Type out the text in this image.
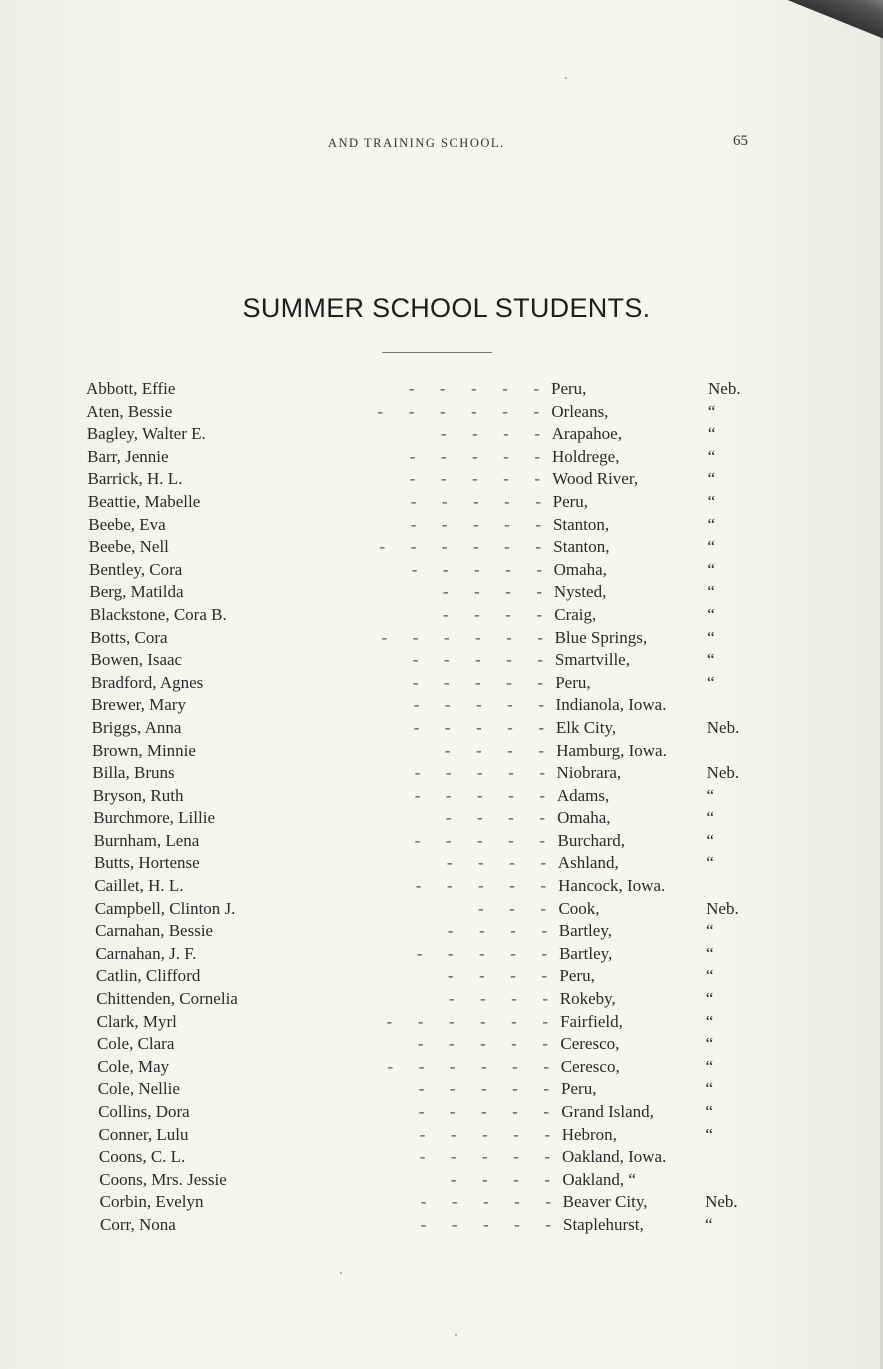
AND TRAINING SCHOOL.	65
SUMMER SCHOOL STUDENTS.
Abbott, Effie	-      -      -      -      - Peru,	Neb.
Aten, Bessie	-      -      -      -      -      - Orleans,	“
Bagley, Walter E.	-      -      -      - Arapahoe,	“
Barr, Jennie	-      -      -      -      - Holdrege,	“
Barrick, H. L.	-      -      -      -      - Wood River,	“
Beattie, Mabelle	-      -      -      -      - Peru,	“
Beebe, Eva	-      -      -      -      - Stanton,	“
Beebe, Nell	-      -      -      -      -      - Stanton,	“
Bentley, Cora	-      -      -      -      - Omaha,	“
Berg, Matilda	-      -      -      - Nysted,	“
Blackstone, Cora B.	-      -      -      - Craig,	“
Botts, Cora	-      -      -      -      -      - Blue Springs,	“
Bowen, Isaac	-      -      -      -      - Smartville,	“
Bradford, Agnes	-      -      -      -      - Peru,	“
Brewer, Mary	-      -      -      -      - Indianola, Iowa.
Briggs, Anna	-      -      -      -      - Elk City,	Neb.
Brown, Minnie	-      -      -      - Hamburg, Iowa.
Billa, Bruns	-      -      -      -      - Niobrara,	Neb.
Bryson, Ruth	-      -      -      -      - Adams,	“
Burchmore, Lillie	-      -      -      - Omaha,	“
Burnham, Lena	-      -      -      -      - Burchard,	“
Butts, Hortense	-      -      -      - Ashland,	“
Caillet, H. L.	-      -      -      -      - Hancock, Iowa.
Campbell, Clinton J.	-      -      - Cook,	Neb.
Carnahan, Bessie	-      -      -      - Bartley,	“
Carnahan, J. F.	-      -      -      -      - Bartley,	“
Catlin, Clifford	-      -      -      - Peru,	“
Chittenden, Cornelia	-      -      -      - Rokeby,	“
Clark, Myrl	-      -      -      -      -      - Fairfield,	“
Cole, Clara	-      -      -      -      - Ceresco,	“
Cole, May	-      -      -      -      -      - Ceresco,	“
Cole, Nellie	-      -      -      -      - Peru,	“
Collins, Dora	-      -      -      -      - Grand Island,	“
Conner, Lulu	-      -      -      -      - Hebron,	“
Coons, C. L.	-      -      -      -      - Oakland, Iowa.
Coons, Mrs. Jessie	-      -      -      - Oakland, “
Corbin, Evelyn	-      -      -      -      - Beaver City,	Neb.
Corr, Nona	-      -      -      -      - Staplehurst,	“
